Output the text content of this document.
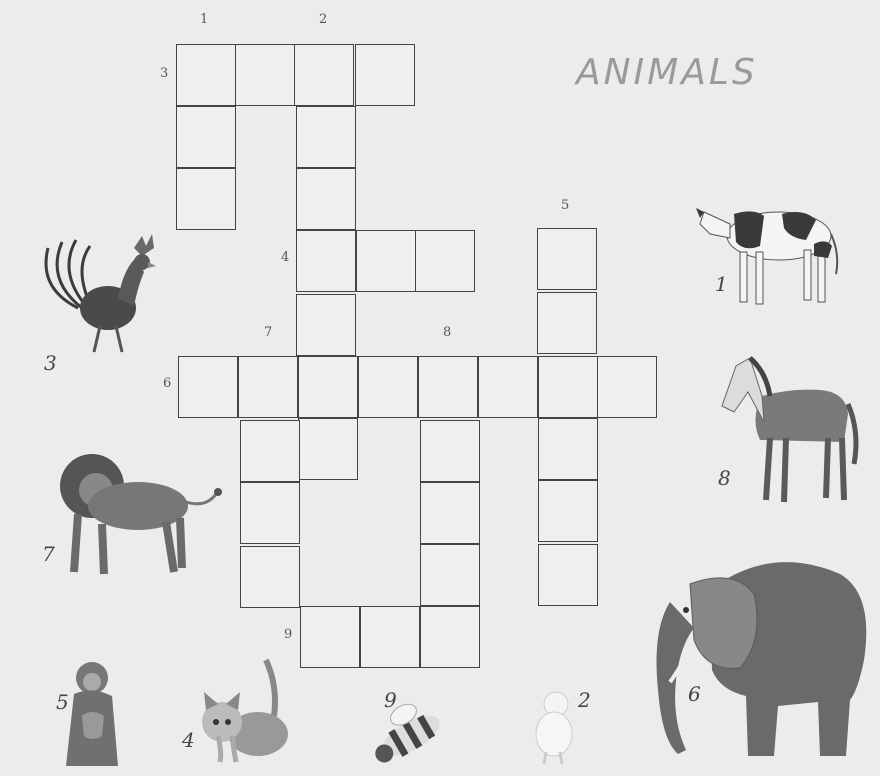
ANIMALS
1	2
3
4
5
6
7	8
9
1
3
8
7
6
5
4
9	2
